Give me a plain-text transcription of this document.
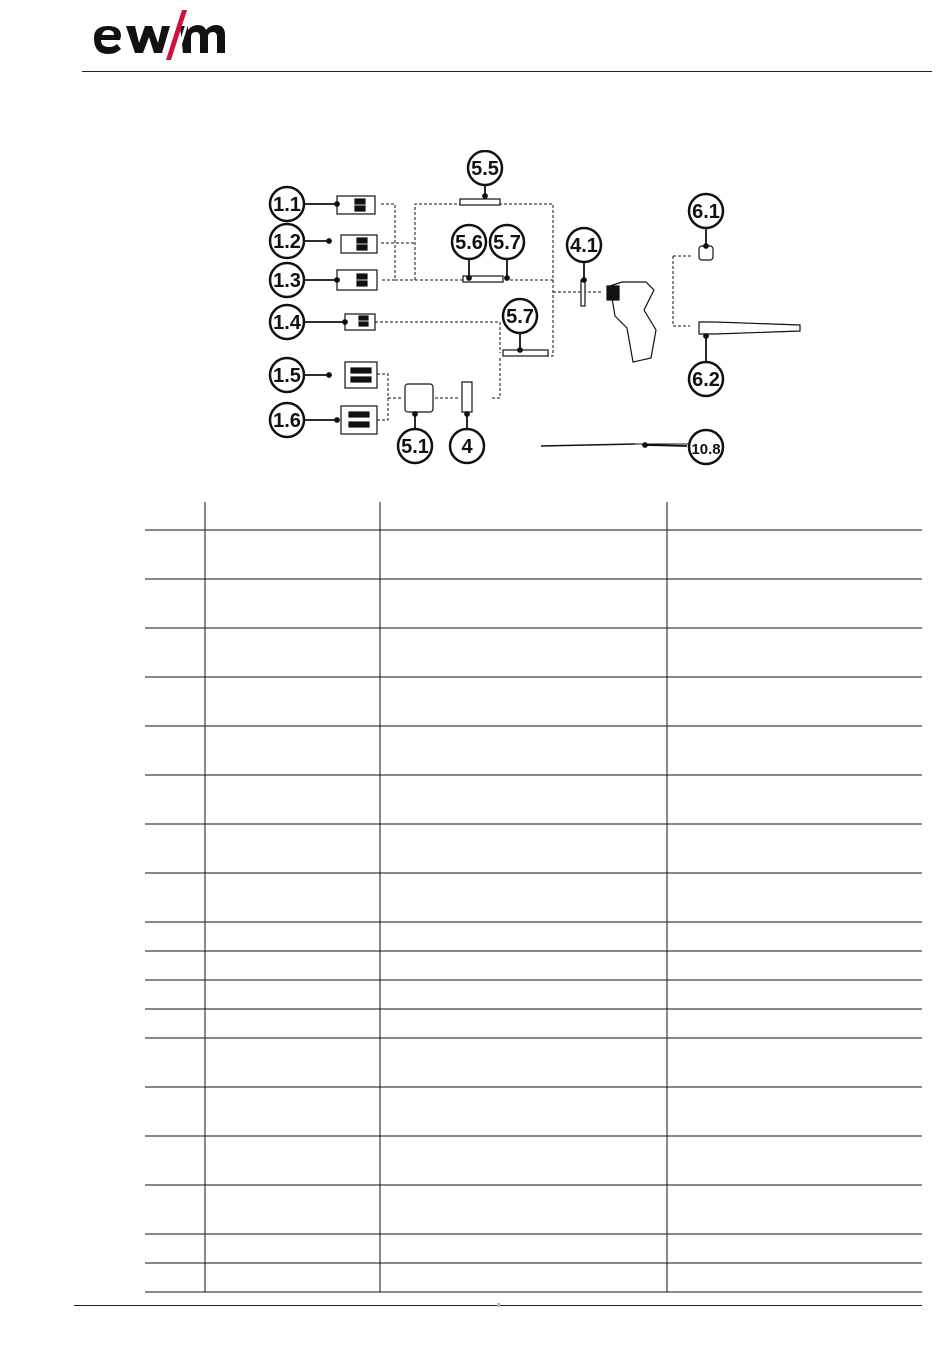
1.1
1.2
1.3
1.4
1.5
1.6
5.5
5.6 5.7
5.7
4.1
6.1
6.2
5.1 4	10.8
